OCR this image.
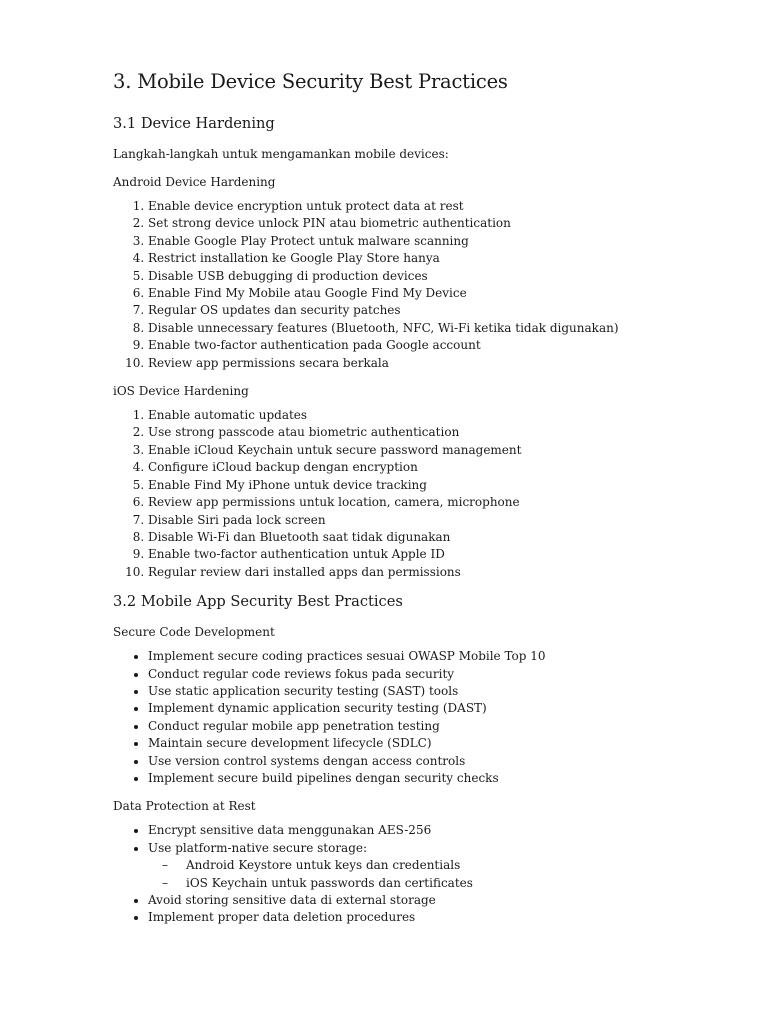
3. Mobile Device Security Best Practices
3.1 Device Hardening

Langkah-langkah untuk mengamankan mobile devices:

Android Device Hardening
1. Enable device encryption untuk protect data at rest
2. Set strong device unlock PIN atau biometric authentication
3. Enable Google Play Protect untuk malware scanning
4. Restrict installation ke Google Play Store hanya
5. Disable USB debugging di production devices
6. Enable Find My Mobile atau Google Find My Device
7. Regular OS updates dan security patches
8. Disable unnecessary features (Bluetooth, NFC, Wi-Fi ketika tidak digunakan)
9. Enable two-factor authentication pada Google account
10. Review app permissions secara berkala
iOS Device Hardening
1. Enable automatic updates
2. Use strong passcode atau biometric authentication
3. Enable iCloud Keychain untuk secure password management
4. Configure iCloud backup dengan encryption
5. Enable Find My iPhone untuk device tracking
6. Review app permissions untuk location, camera, microphone
7. Disable Siri pada lock screen
8. Disable Wi-Fi dan Bluetooth saat tidak digunakan
9. Enable two-factor authentication untuk Apple ID
10. Regular review dari installed apps dan permissions
3.2 Mobile App Security Best Practices
Secure Code Development
• Implement secure coding practices sesuai OWASP Mobile Top 10
• Conduct regular code reviews fokus pada security
• Use static application security testing (SAST) tools
• Implement dynamic application security testing (DAST)
• Conduct regular mobile app penetration testing
• Maintain secure development lifecycle (SDLC)
• Use version control systems dengan access controls
• Implement secure build pipelines dengan security checks
Data Protection at Rest
• Encrypt sensitive data menggunakan AES-256
• Use platform-native secure storage:
– Android Keystore untuk keys dan credentials
– iOS Keychain untuk passwords dan certificates
• Avoid storing sensitive data di external storage
• Implement proper data deletion procedures
